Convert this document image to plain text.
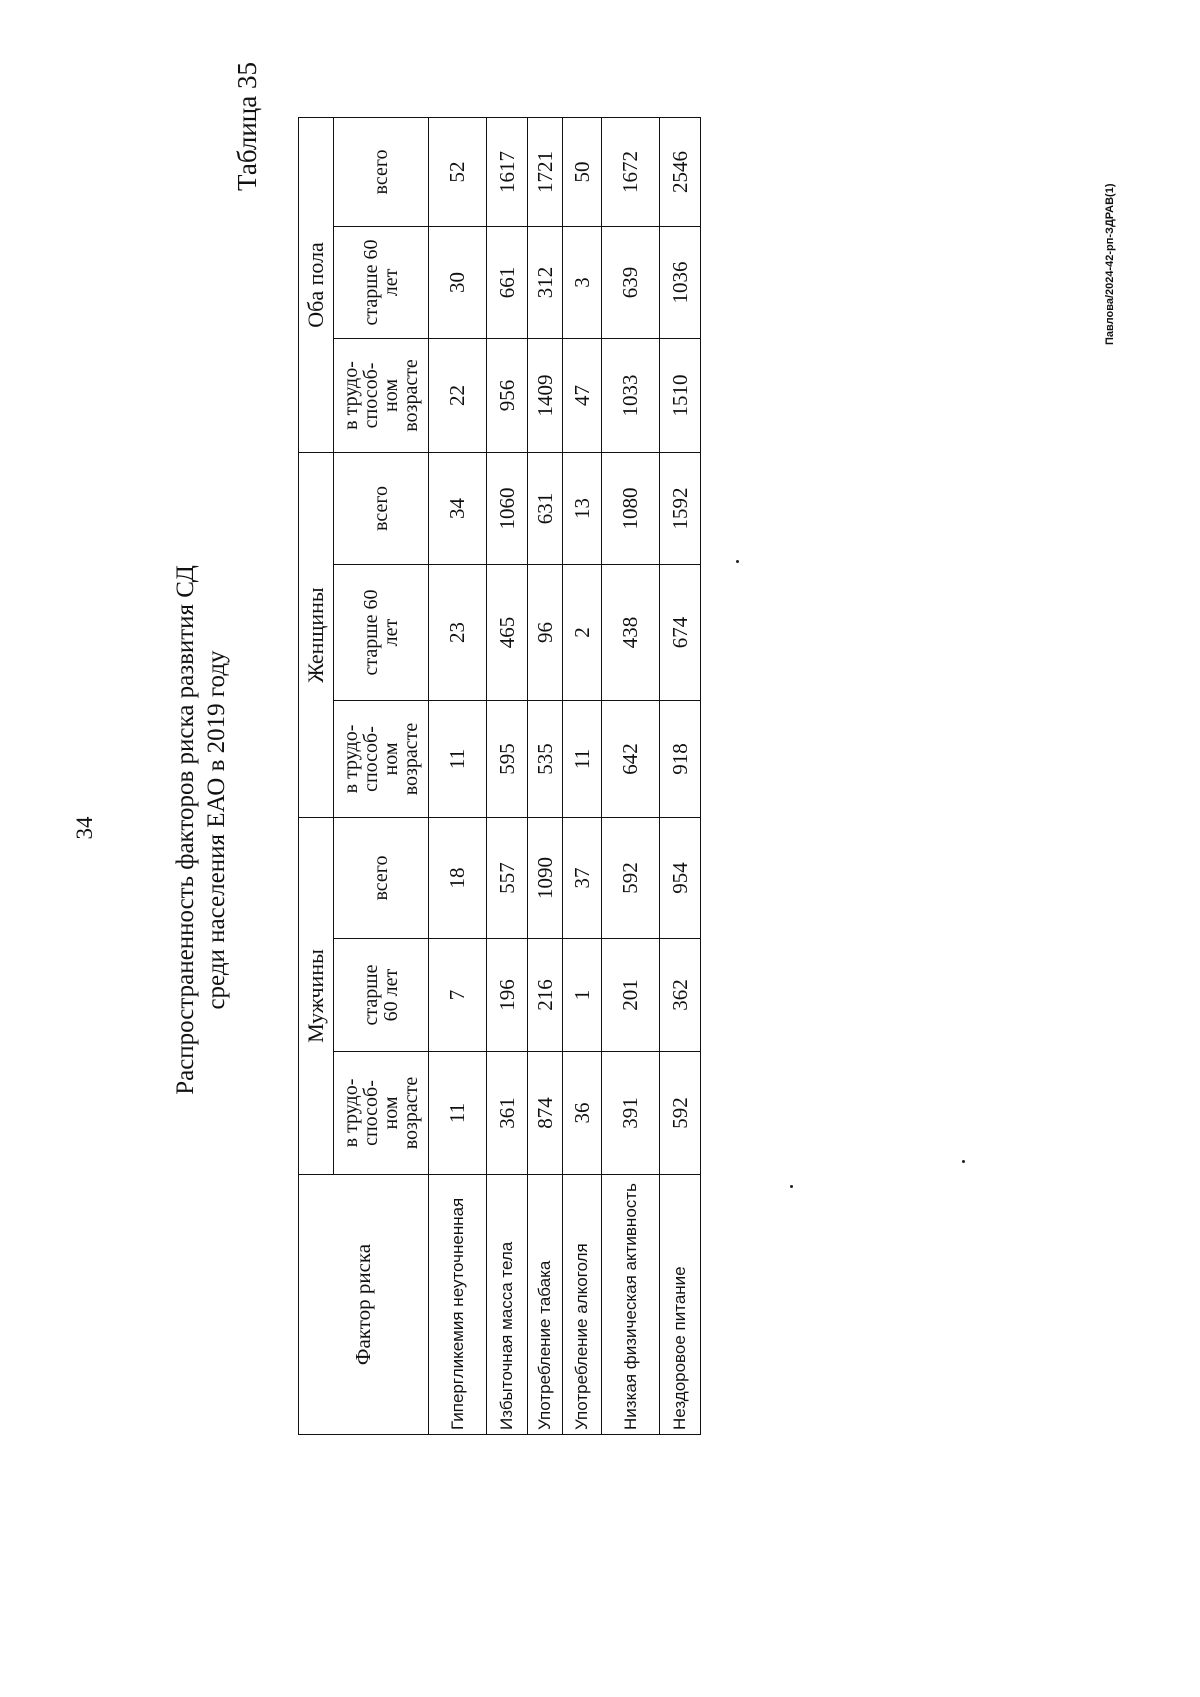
34	Распространенность факторов риска развития СД среди населения ЕАО в 2019 году
Таблица 35
Павлова/2024-42-рп-ЗДРАВ(1)
Фактор риска	Мужчины			Женщины			Оба пола		
	в трудо-
способ-
ном
возрасте	старше
60 лет	всего	в трудо-
способ-
ном
возрасте	старше 60
лет	всего	в трудо-
способ-
ном
возрасте	старше 60
лет	всего
Гипергликемия неуточненная	11	7	18	11	23	34	22	30	52
Избыточная масса тела	361	196	557	595	465	1060	956	661	1617
Употребление табака	874	216	1090	535	96	631	1409	312	1721
Употребление алкоголя	36	1	37	11	2	13	47	3	50
Низкая физическая активность	391	201	592	642	438	1080	1033	639	1672
Нездоровое питание	592	362	954	918	674	1592	1510	1036	2546
